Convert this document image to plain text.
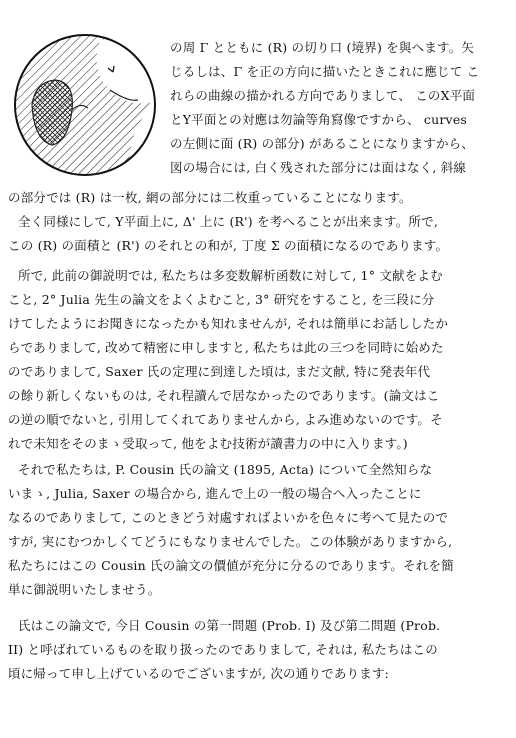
の周 Γ とともに (R) の切り口 (境界) を與へます。矢
じるしは、Γ を正の方向に描いたときこれに應じて こ
れらの曲線の描かれる方向でありまして、 このX平面
とY平面との対應は勿論等角寫像ですから、 curves
の左側に面 (R) の部分) があることになりますから、
図の場合には, 白く残された部分には面はなく, 斜線
の部分では (R) は一枚, 網の部分には二枚重っていることになります。
全く同様にして, Y平面上に, Δ' 上に (R') を考へることが出来ます。所で,
この (R) の面積と (R') のそれとの和が, 丁度 Σ の面積になるのであります。
所で, 此前の御説明では, 私たちは多変数解析函数に対して, 1° 文献をよむ
こと, 2° Julia 先生の論文をよくよむこと, 3° 研究をすること, を三段に分
けてしたようにお聞きになったかも知れませんが, それは簡単にお話ししたか
らでありまして, 改めて精密に申しますと, 私たちは此の三つを同時に始めた
のでありまして, Saxer 氏の定理に到達した頃は, まだ文献, 特に発表年代
の餘り新しくないものは, それ程讀んで居なかったのであります。(論文はこ
の逆の順でないと, 引用してくれてありませんから, よみ進めないのです。そ
れで未知をそのまゝ受取って, 他をよむ技術が讀書力の中に入ります。)
それで私たちは, P. Cousin 氏の論文 (1895, Acta) について全然知らな
いまゝ, Julia, Saxer の場合から, 進んで上の一般の場合へ入ったことに
なるのでありまして, このときどう対處すればよいかを色々に考へて見たので
すが, 実にむつかしくてどうにもなりませんでした。この体験がありますから,
私たちにはこの Cousin 氏の論文の價値が充分に分るのであります。それを簡
単に御説明いたしませう。
氏はこの論文で, 今日 Cousin の第一問題 (Prob. I) 及び第二問題 (Prob.
II) と呼ばれているものを取り扱ったのでありまして, それは, 私たちはこの
頃に帰って申し上げているのでございますが, 次の通りであります:
